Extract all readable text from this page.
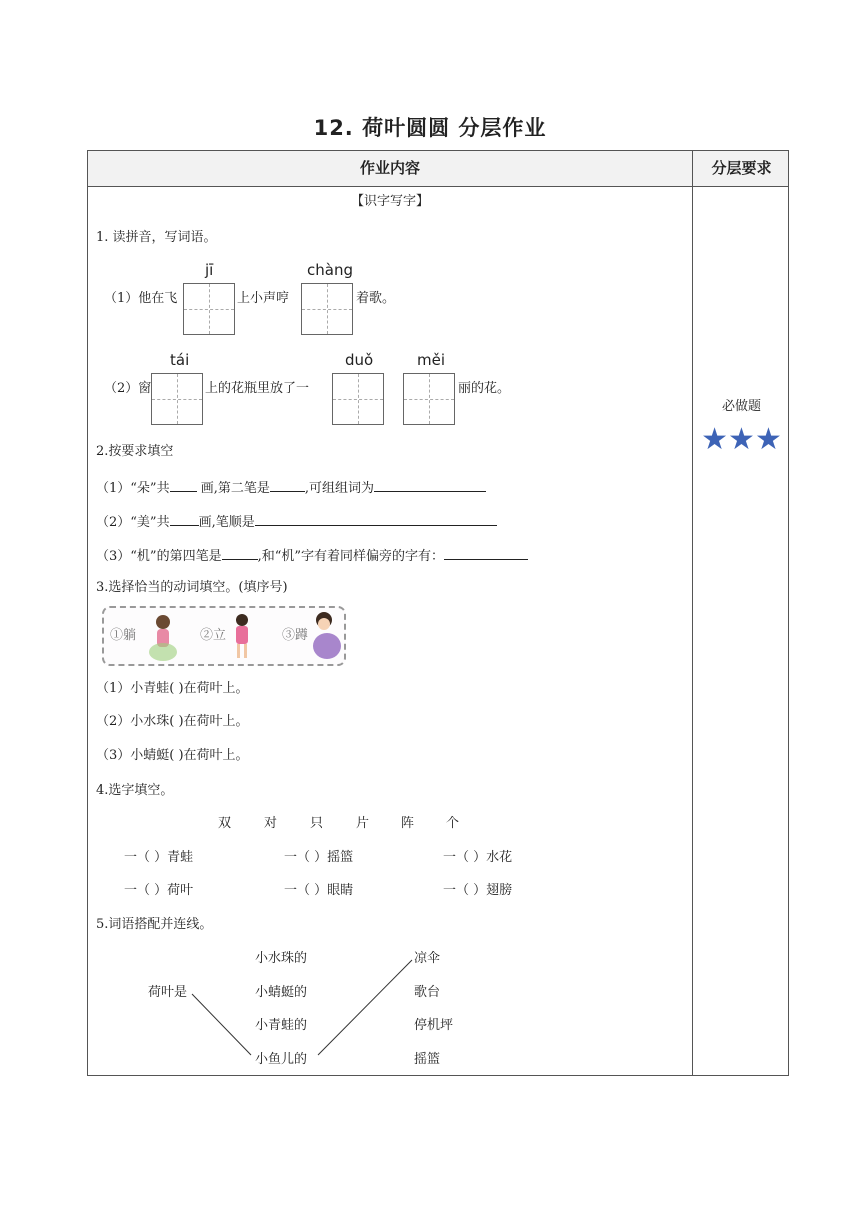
12. 荷叶圆圆 分层作业
作业内容	分层要求
【识字写字】
1. 读拼音，写词语。
jī	chàng
（1）他在飞	上小声哼	着歌。
tái	duǒ	měi
（2）窗	上的花瓶里放了一	丽的花。
2.按要求填空
（1）“朵”共 画,第二笔是	,可组组词为
（2）“美”共 画,笔顺是
（3）“机”的第四笔是	,和“机”字有着同样偏旁的字有：
3.选择恰当的动词填空。(填序号)
①躺	②立	③蹲
（1）小青蛙( )在荷叶上。
（2）小水珠( )在荷叶上。
（3）小蜻蜓( )在荷叶上。
4.选字填空。
双	对	只	片 阵 个
一（ ）青蛙	一（ ）摇篮	一（ ）水花
一（ ）荷叶	一（ ）眼睛	一（ ）翅膀
5.词语搭配并连线。
小水珠的
小蜻蜓的
小青蛙的
小鱼儿的
荷叶是
凉伞
歌台
停机坪
摇篮
必做题
★★★
